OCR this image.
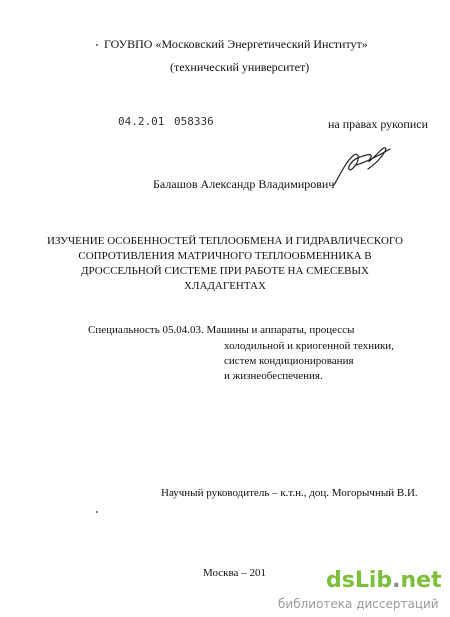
ГОУВПО «Московский Энергетический Институт»
(технический университет)
04.2.01 058336	на правах рукописи
Балашов Александр Владимирович
ИЗУЧЕНИЕ ОСОБЕННОСТЕЙ ТЕПЛООБМЕНА И ГИДРАВЛИЧЕСКОГО
СОПРОТИВЛЕНИЯ МАТРИЧНОГО ТЕПЛООБМЕННИКА В
ДРОССЕЛЬНОЙ СИСТЕМЕ ПРИ РАБОТЕ НА СМЕСЕВЫХ
ХЛАДАГЕНТАХ
Специальность 05.04.03. Машины и аппараты, процессы
холодильной и криогенной техники,
систем кондиционирования
и жизнеобеспечения.
Научный руководитель – к.т.н., доц. Могорычный В.И.
Москва – 201	dsLib.net
библиотека диссертаций
